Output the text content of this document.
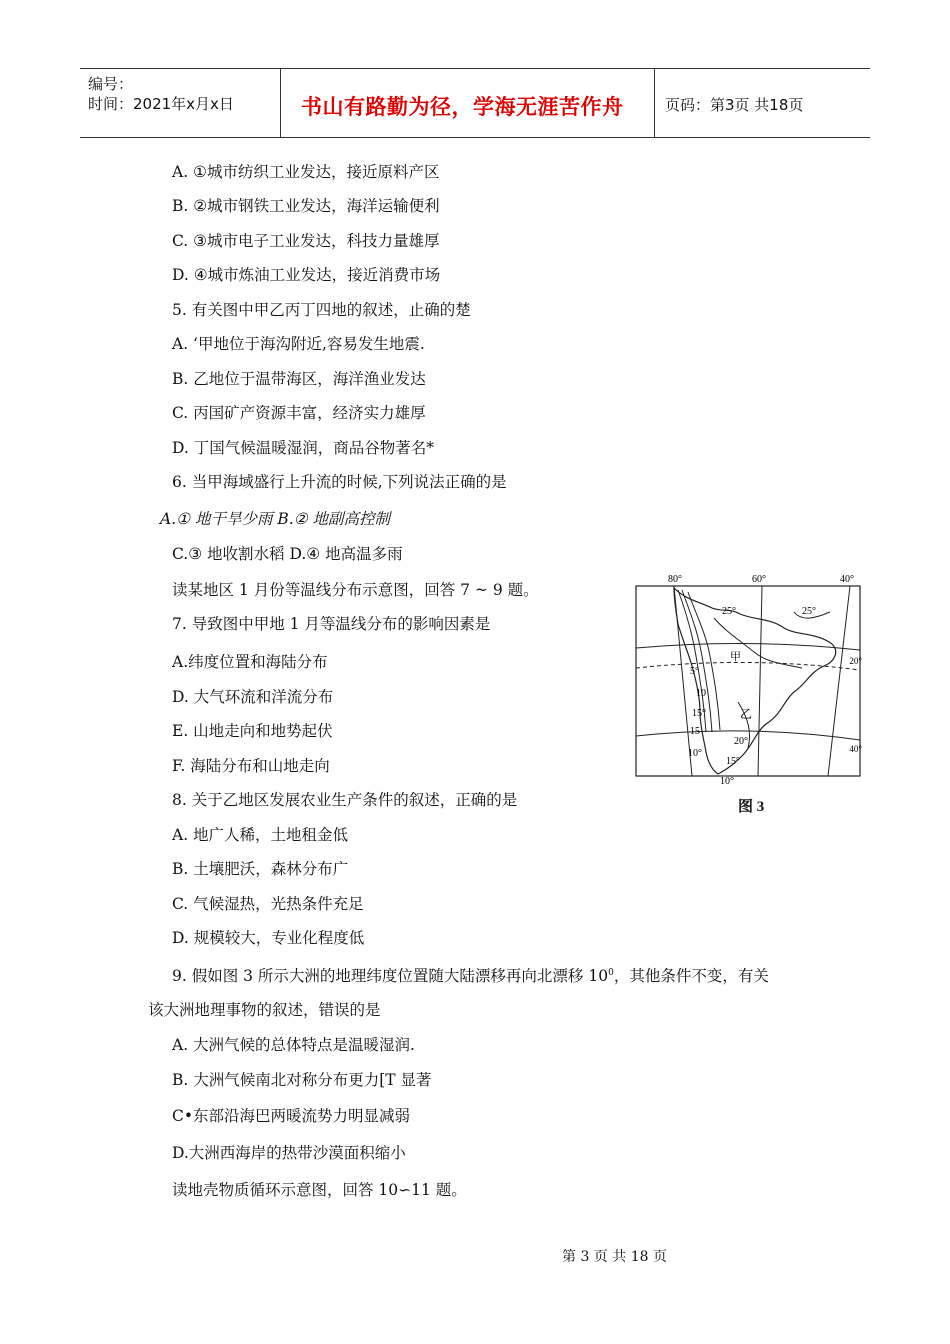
编号：
时间：2021年x月x日	书山有路勤为径，学海无涯苦作舟	页码：第3页 共18页
A. ①城市纺织工业发达，接近原料产区
B. ②城市钢铁工业发达，海洋运输便利
C. ③城市电子工业发达，科技力量雄厚
D. ④城市炼油工业发达，接近消费市场
5. 有关图中甲乙丙丁四地的叙述，止确的楚
A. ‘甲地位于海沟附近,容易发生地震.
B. 乙地位于温带海区，海洋渔业发达
C. 丙国矿产资源丰富，经济实力雄厚
D. 丁国气候温暖湿润，商品谷物著名*
6. 当甲海域盛行上升流的时候,下列说法正确的是
A.① 地干旱少雨 B.② 地副高控制
C.③ 地收割水稻 D.④ 地高温多雨
读某地区 1 月份等温线分布示意图，回答 7 ~ 9 题。
7. 导致图中甲地 1 月等温线分布的影响因素是
A.纬度位置和海陆分布
D. 大气环流和洋流分布
E. 山地走向和地势起伏
F. 海陆分布和山地走向
8. 关于乙地区发展农业生产条件的叙述，正确的是
A. 地广人稀，土地租金低
B. 土壤肥沃，森林分布广
C. 气候湿热，光热条件充足
D. 规模较大，专业化程度低
9. 假如图 3 所示大洲的地理纬度位置随大陆漂移再向北漂移 $10^0$，其他条件不变，有关
该大洲地理事物的叙述，错误的是
A. 大洲气候的总体特点是温暖湿润.
B. 大洲气候南北对称分布更力[T 显著
C•东部沿海巴两暖流势力明显减弱
D.大洲西海岸的热带沙漠面积缩小
读地壳物质循环示意图，回答 10∽11 题。
80°	60°	40°
20°
40°
25°	25°
5°
10
15°
15
20°
10°
15°
10°
甲
乙
图 3
第 3 页 共 18 页
